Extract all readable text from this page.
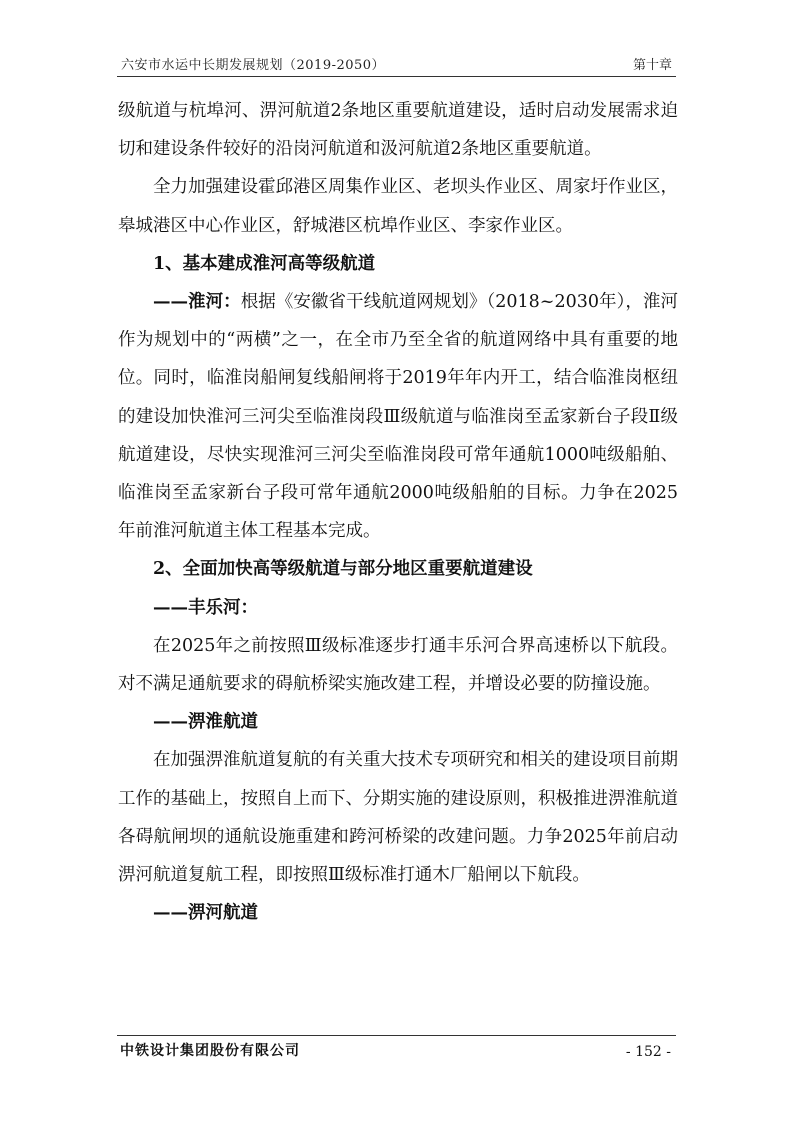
六安市水运中长期发展规划（2019-2050）	第十章

级航道与杭埠河、淠河航道2条地区重要航道建设，适时启动发展需求迫切和建设条件较好的沿岗河航道和汲河航道2条地区重要航道。

全力加强建设霍邱港区周集作业区、老坝头作业区、周家圩作业区，皋城港区中心作业区，舒城港区杭埠作业区、李家作业区。

1、基本建成淮河高等级航道

——淮河：根据《安徽省干线航道网规划》（2018~2030年），淮河作为规划中的“两横”之一，在全市乃至全省的航道网络中具有重要的地位。同时，临淮岗船闸复线船闸将于2019年年内开工，结合临淮岗枢纽的建设加快淮河三河尖至临淮岗段Ⅲ级航道与临淮岗至孟家新台子段Ⅱ级航道建设，尽快实现淮河三河尖至临淮岗段可常年通航1000吨级船舶、临淮岗至孟家新台子段可常年通航2000吨级船舶的目标。力争在2025年前淮河航道主体工程基本完成。

2、全面加快高等级航道与部分地区重要航道建设

——丰乐河：

在2025年之前按照Ⅲ级标准逐步打通丰乐河合界高速桥以下航段。对不满足通航要求的碍航桥梁实施改建工程，并增设必要的防撞设施。

——淠淮航道

在加强淠淮航道复航的有关重大技术专项研究和相关的建设项目前期工作的基础上，按照自上而下、分期实施的建设原则，积极推进淠淮航道各碍航闸坝的通航设施重建和跨河桥梁的改建问题。力争2025年前启动淠河航道复航工程，即按照Ⅲ级标准打通木厂船闸以下航段。

——淠河航道

中铁设计集团股份有限公司	- 152 -
